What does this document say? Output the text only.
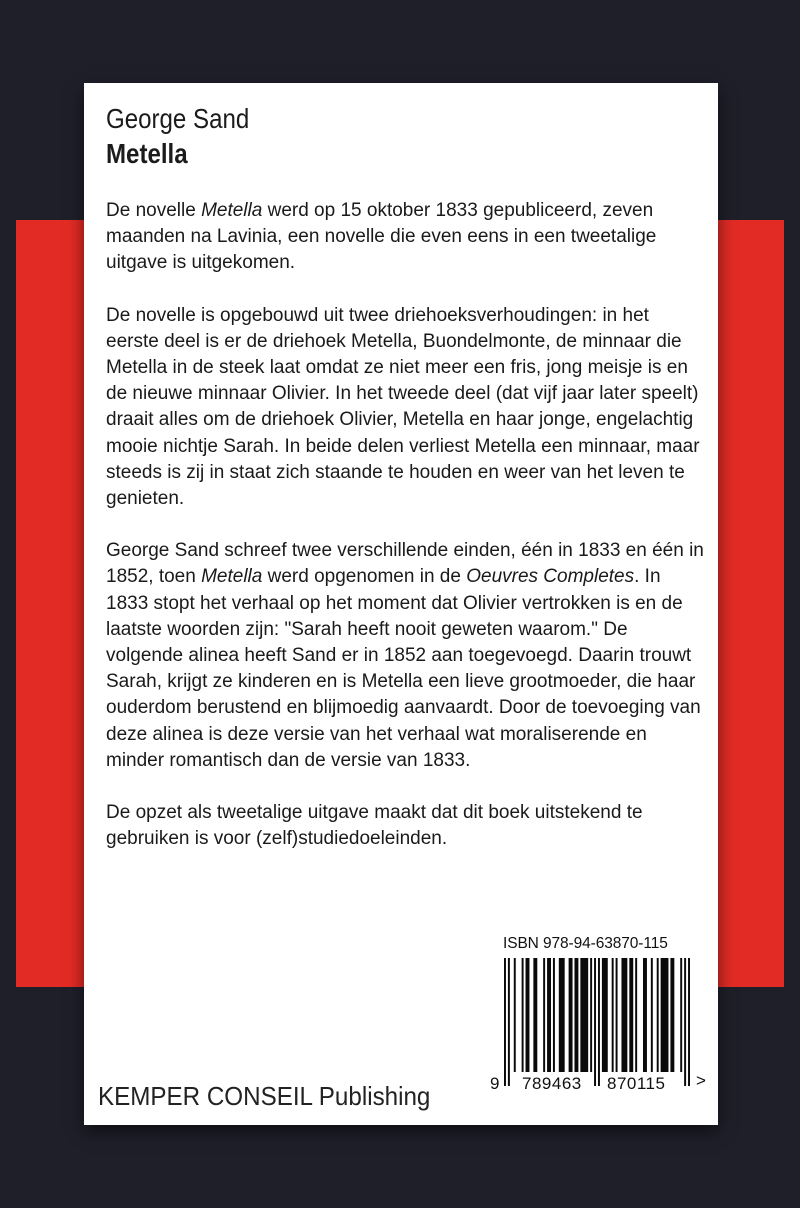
George Sand
Metella

De novelle Metella werd op 15 oktober 1833 gepubliceerd, zeven maanden na Lavinia, een novelle die even eens in een tweetalige uitgave is uitgekomen.

De novelle is opgebouwd uit twee driehoeksverhoudingen: in het eerste deel is er de driehoek Metella, Buondelmonte, de minnaar die Metella in de steek laat omdat ze niet meer een fris, jong meisje is en de nieuwe minnaar Olivier. In het tweede deel (dat vijf jaar later speelt) draait alles om de driehoek Olivier, Metella en haar jonge, engelachtig mooie nichtje Sarah. In beide delen verliest Metella een minnaar, maar steeds is zij in staat zich staande te houden en weer van het leven te genieten.

George Sand schreef twee verschillende einden, één in 1833 en één in 1852, toen Metella werd opgenomen in de Oeuvres Completes. In 1833 stopt het verhaal op het moment dat Olivier vertrokken is en de laatste woorden zijn: "Sarah heeft nooit geweten waarom." De volgende alinea heeft Sand er in 1852 aan toegevoegd. Daarin trouwt Sarah, krijgt ze kinderen en is Metella een lieve grootmoeder, die haar ouderdom berustend en blijmoedig aanvaardt. Door de toevoeging van deze alinea is deze versie van het verhaal wat moraliserende en minder romantisch dan de versie van 1833.

De opzet als tweetalige uitgave maakt dat dit boek uitstekend te gebruiken is voor (zelf)studiedoeleinden.

ISBN 978-94-63870-115
9 789463 870115 >
KEMPER CONSEIL Publishing
